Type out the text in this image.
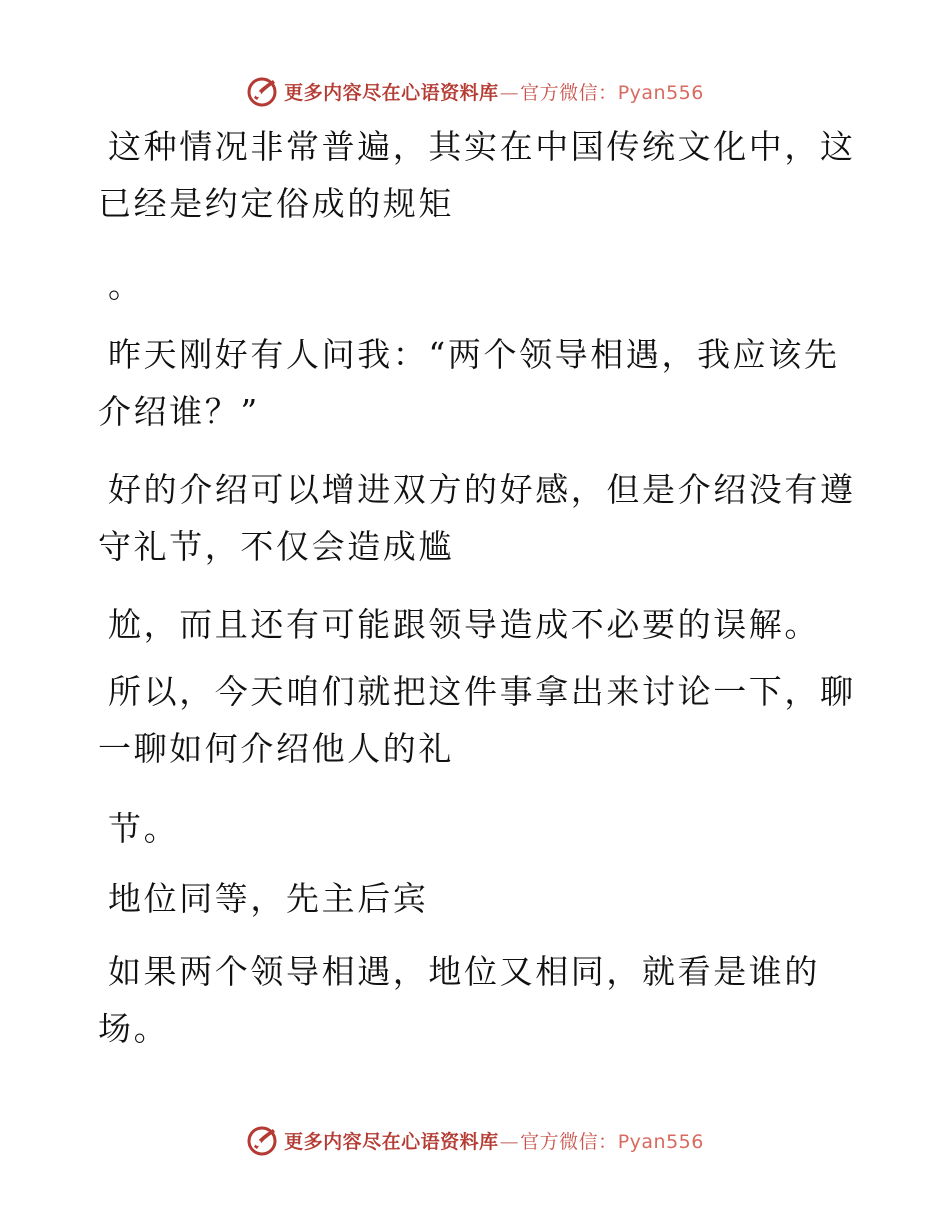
更多内容尽在心语资料库—官方微信：Pyan556
这种情况非常普遍，其实在中国传统文化中，这
已经是约定俗成的规矩
。
昨天刚好有人问我：“两个领导相遇，我应该先
介绍谁？”
好的介绍可以增进双方的好感，但是介绍没有遵
守礼节，不仅会造成尴
尬，而且还有可能跟领导造成不必要的误解。
所以，今天咱们就把这件事拿出来讨论一下，聊
一聊如何介绍他人的礼
节。
地位同等，先主后宾
如果两个领导相遇，地位又相同，就看是谁的
场。
更多内容尽在心语资料库—官方微信：Pyan556
